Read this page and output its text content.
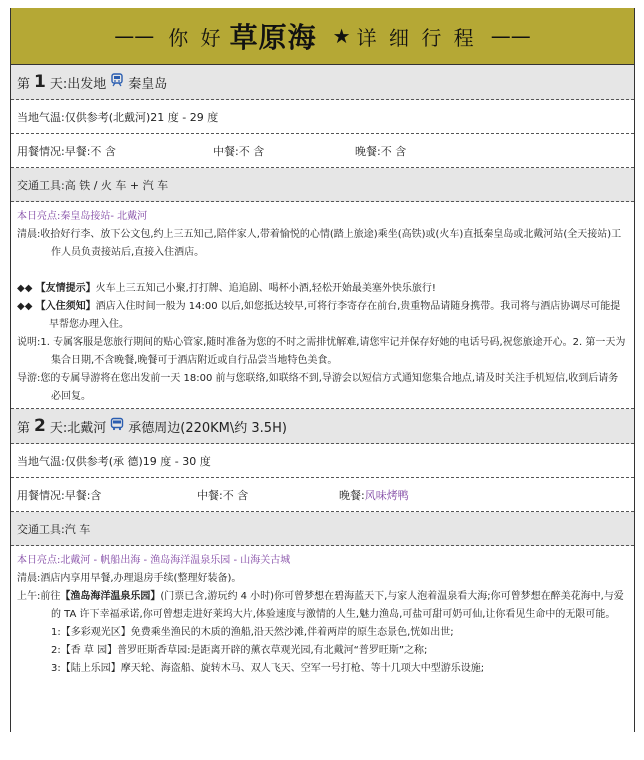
—— 你 好 草原海 ★ 详 细 行 程 ——
第 1 天: 出发地 秦皇岛
当地气温:仅供参考(北戴河)21 度 - 29 度
用餐情况:早餐:不 含	中餐:不 含	晚餐:不 含
交通工具:高 铁 / 火 车 + 汽 车

本日亮点:秦皇岛接站- 北戴河

清晨:收拾好行李、放下公文包,约上三五知己,陪伴家人,带着愉悦的心情(踏上旅途)乘坐(高铁)或(火车)直抵秦皇岛或北戴河站(全天接站)工作人员负责接站后,直接入住酒店。

◆◆ 【友情提示】火车上三五知己小聚,打打牌、追追剧、喝杯小酒,轻松开始最美塞外快乐旅行!

◆◆ 【入住须知】酒店入住时间一般为 14:00 以后,如您抵达较早,可将行李寄存在前台,贵重物品请随身携带。我司将与酒店协调尽可能提早帮您办理入住。

说明:1. 专属客服是您旅行期间的贴心管家,随时准备为您的不时之需排忧解难,请您牢记并保存好她的电话号码,祝您旅途开心。2. 第一天为集合日期,不含晚餐,晚餐可于酒店附近或自行品尝当地特色美食。

导游:您的专属导游将在您出发前一天 18:00 前与您联络,如联络不到,导游会以短信方式通知您集合地点,请及时关注手机短信,收到后请务必回复。

第 2 天: 北戴河 承德周边(220KM\约 3.5H)
当地气温:仅供参考(承 德)19 度 - 30 度
用餐情况:早餐:含	中餐:不 含	晚餐: 风味烤鸭
交通工具:汽 车

本日亮点:北戴河 - 帆船出海 - 渔岛海洋温泉乐园 - 山海关古城

清晨:酒店内享用早餐,办理退房手续(整理好装备)。

上午:前往【渔岛海洋温泉乐园】(门票已含,游玩约 4 小时)你可曾梦想在碧海蓝天下,与家人泡着温泉看大海;你可曾梦想在醉美花海中,与爱的 TA 许下幸福承诺,你可曾想走进好莱坞大片,体验速度与激情的人生,魅力渔岛,可盐可甜可奶可仙,让你看见生命中的无限可能。

1:【多彩观光区】免费乘坐渔民的木质的渔船,沿天然沙滩,伴着两岸的原生态景色,恍如出世;

2:【香 草 园】普罗旺斯香草园:是距离开辟的薰衣草观光园,有北戴河“普罗旺斯”之称;

3:【陆上乐园】摩天轮、海盗船、旋转木马、双人飞天、空军一号打枪、等十几项大中型游乐设施;
